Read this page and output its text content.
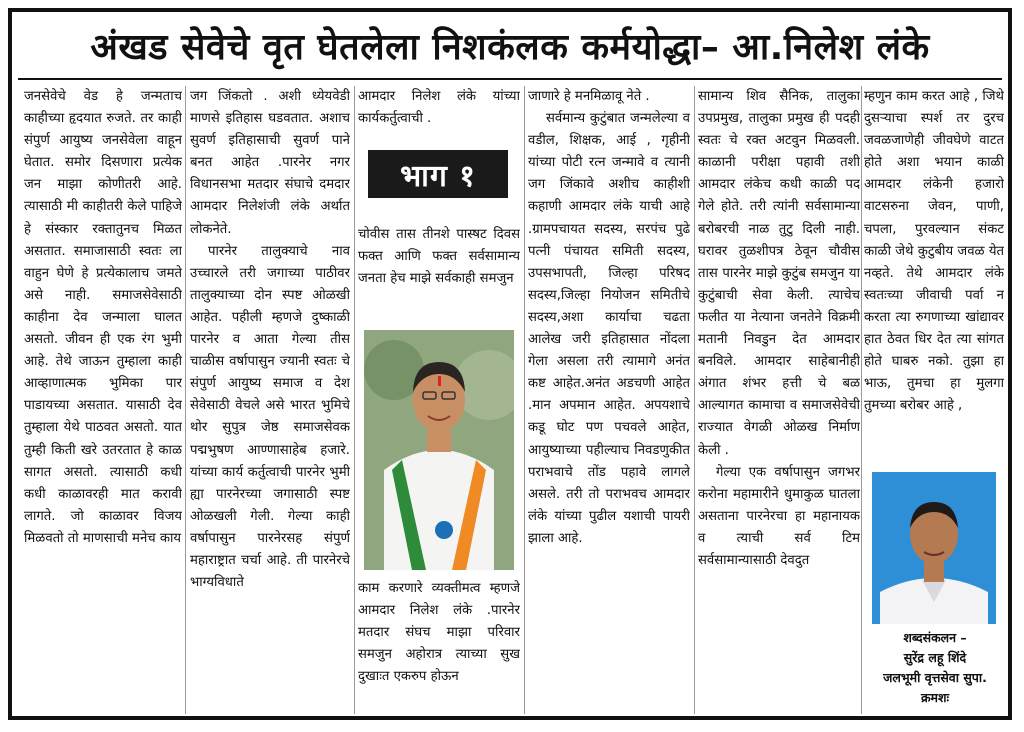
अंखड सेवेचे वृत घेतलेला निशकंलक कर्मयोद्धा– आ.निलेश लंके

जनसेवेचे वेड हे जन्मताच काहीच्या हृदयात रुजते. तर काही संपुर्ण आयुष्य जनसेवेला वाहून घेतात. समोर दिसणारा प्रत्येक जन माझा कोणीतरी आहे. त्यासाठी मी काहीतरी केले पाहिजे हे संस्कार रक्तातुनच मिळत असतात. समाजासाठी स्वतः ला वाहुन घेणे हे प्रत्येकालाच जमते असे नाही. समाजसेवेसाठी काहीना देव जन्माला घालत असतो. जीवन ही एक रंग भुमी आहे. तेथे जाऊन तुम्हाला काही आव्हाणात्मक भुमिका पार पाडायच्या असतात. यासाठी देव तुम्हाला येथे पाठवत असतो. यात तुम्ही किती खरे उतरतात हे काळ सागत असतो. त्यासाठी कधी कधी काळावरही मात करावी लागते. जो काळावर विजय मिळवतो तो माणसाची मनेच काय

जग जिंकतो . अशी ध्येयवेडी माणसे इतिहास घडवतात. अशाच सुवर्ण इतिहासाची सुवर्ण पाने बनत आहेत .पारनेर नगर विधानसभा मतदार संघाचे दमदार आमदार निलेशंजी लंके अर्थात लोकनेते.

पारनेर तालुक्याचे नाव उच्चारले तरी जगाच्या पाठीवर तालुक्याच्या दोन स्पष्ट ओळखी आहेत. पहीली म्हणजे दुष्काळी पारनेर व आता गेल्या तीस चाळीस वर्षापासुन ज्यानी स्वतः चे संपुर्ण आयुष्य समाज व देश सेवेसाठी वेचले असे भारत भुमिचे थोर सुपुत्र जेष्ठ समाजसेवक पद्मभुषण आण्णासाहेब हजारे. यांच्या कार्य कर्तुत्वाची पारनेर भुमी ह्या पारनेरच्या जगासाठी स्पष्ट ओळखली गेली. गेल्या काही वर्षापासुन पारनेरसह संपुर्ण महाराष्ट्रात चर्चा आहे. ती पारनेरचे भाग्यविधाते

आमदार निलेश लंके यांच्या कार्यकर्तुत्वाची .

भाग १

चोवीस तास तीनशे पास्षट दिवस फक्त आणि फक्त सर्वसामान्य जनता हेच माझे सर्वकाही समजुन

काम करणारे व्यक्तीमत्व म्हणजे आमदार निलेश लंके .पारनेर मतदार संघच माझा परिवार समजुन अहोरात्र त्याच्या सुख दुखाःत एकरुप होऊन

जाणारे हे मनमिळावू नेते .

सर्वमान्य कुटुंबात जन्मलेल्या व वडील, शिक्षक, आई , गृहीनी यांच्या पोटी रत्न जन्मावे व त्यानी जग जिंकावे अशीच काहीशी कहाणी आमदार लंके याची आहे .ग्रामपचायत सदस्य, सरपंच पुढे पत्नी पंचायत समिती सदस्य, उपसभापती, जिल्हा परिषद सदस्य,जिल्हा नियोजन समितीचे सदस्य,अशा कार्याचा चढता आलेख जरी इतिहासात नोंदला गेला असला तरी त्यामागे अनंत कष्ट आहेत.अनंत अडचणी आहेत .मान अपमान आहेत. अपयशाचे कडू घोट पण पचवले आहेत, आयुष्याच्या पहील्याच निवडणुकीत पराभवाचे तोंड पहावे लागले असले. तरी तो पराभवच आमदार लंके यांच्या पुढील यशाची पायरी झाला आहे.

सामान्य शिव सैनिक, तालुका उपप्रमुख, तालुका प्रमुख ही पदही स्वतः चे रक्त अटवुन मिळवली. काळानी परीक्षा पहावी तशी आमदार लंकेच कधी काळी पद गेले होते. तरी त्यांनी सर्वसामान्या बरोबरची नाळ तुटु दिली नाही. घरावर तुळशीपत्र ठेवून चौवीस तास पारनेर माझे कुटुंब समजुन या कुटुंबाची सेवा केली. त्याचेच फलीत या नेत्याना जनतेने विक्रमी मतानी निवडुन देत आमदार बनविले. आमदार साहेबानीही अंगात शंभर हत्ती चे बळ आल्यागत कामाचा व समाजसेवेची राज्यात वेगळी ओळख निर्माण केली .

गेल्या एक वर्षापासुन जगभर करोना महामारीने धुमाकुळ घातला असताना पारनेरचा हा महानायक व त्याची सर्व टिम सर्वसामान्यासाठी देवदुत

म्हणुन काम करत आहे , जिथे दुसऱ्याचा स्पर्श तर दुरच जवळजाणेही जीवघेणे वाटत होते अशा भयान काळी आमदार लंकेनी हजारो वाटसरुना जेवन, पाणी, चपला, पुरवल्यान संकट काळी जेथे कुटुबीय जवळ येत नव्हते. तेथे आमदार लंके स्वतःच्या जीवाची पर्वा न करता त्या रुगणाच्या खांद्यावर हात ठेवत धिर देत त्या सांगत होते घाबरु नको. तुझा हा भाऊ, तुमचा हा मुलगा तुमच्या बरोबर आहे ,

शब्दसंकलन –
सुरेंद्र लहू शिंदे
जलभूमी वृत्तसेवा सुपा.
क्रमशः
